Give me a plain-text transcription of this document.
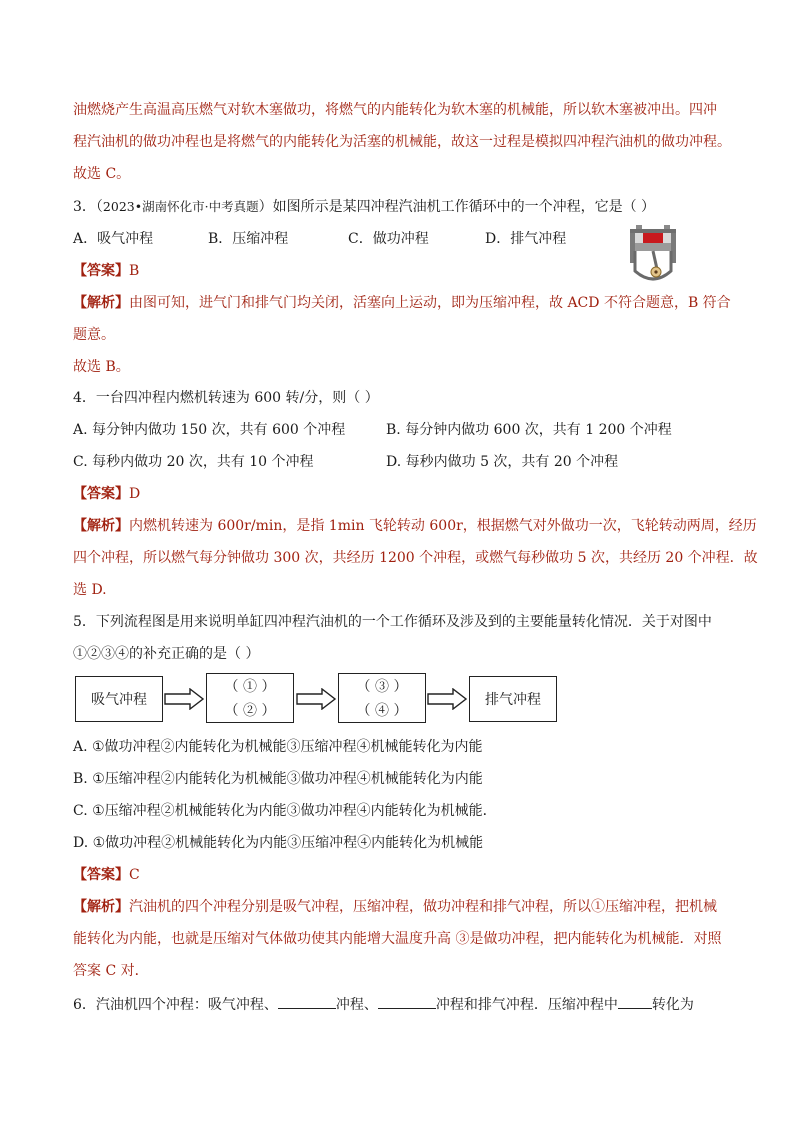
油燃烧产生高温高压燃气对软木塞做功，将燃气的内能转化为软木塞的机械能，所以软木塞被冲出。四冲
程汽油机的做功冲程也是将燃气的内能转化为活塞的机械能，故这一过程是模拟四冲程汽油机的做功冲程。
故选 C。
3．（2023•湖南怀化市·中考真题）如图所示是某四冲程汽油机工作循环中的一个冲程，它是（ ）
A．吸气冲程	B．压缩冲程	C．做功冲程	D．排气冲程
【答案】B
【解析】由图可知，进气门和排气门均关闭，活塞向上运动，即为压缩冲程，故 ACD 不符合题意，B 符合
题意。
故选 B。
4．一台四冲程内燃机转速为 600 转/分，则（ ）
A. 每分钟内做功 150 次，共有 600 个冲程	B. 每分钟内做功 600 次，共有 1 200 个冲程
C. 每秒内做功 20 次，共有 10 个冲程	D. 每秒内做功 5 次，共有 20 个冲程
【答案】D
【解析】内燃机转速为 600r/min，是指 1min 飞轮转动 600r，根据燃气对外做功一次，飞轮转动两周，经历
四个冲程，所以燃气每分钟做功 300 次，共经历 1200 个冲程，或燃气每秒做功 5 次，共经历 20 个冲程．故
选 D.
5．下列流程图是用来说明单缸四冲程汽油机的一个工作循环及涉及到的主要能量转化情况．关于对图中
①②③④的补充正确的是（ ）
吸气冲程
（ ① ）
（ ② ）
（ ③ ）
（ ④ ）
排气冲程
A. ①做功冲程②内能转化为机械能③压缩冲程④机械能转化为内能
B. ①压缩冲程②内能转化为机械能③做功冲程④机械能转化为内能
C. ①压缩冲程②机械能转化为内能③做功冲程④内能转化为机械能．
D. ①做功冲程②机械能转化为内能③压缩冲程④内能转化为机械能
【答案】C
【解析】汽油机的四个冲程分别是吸气冲程，压缩冲程，做功冲程和排气冲程，所以①压缩冲程，把机械
能转化为内能，也就是压缩对气体做功使其内能增大温度升高 ③是做功冲程，把内能转化为机械能．对照
答案 C 对．
6．汽油机四个冲程：吸气冲程、	冲程、	冲程和排气冲程．压缩冲程中 转化为
